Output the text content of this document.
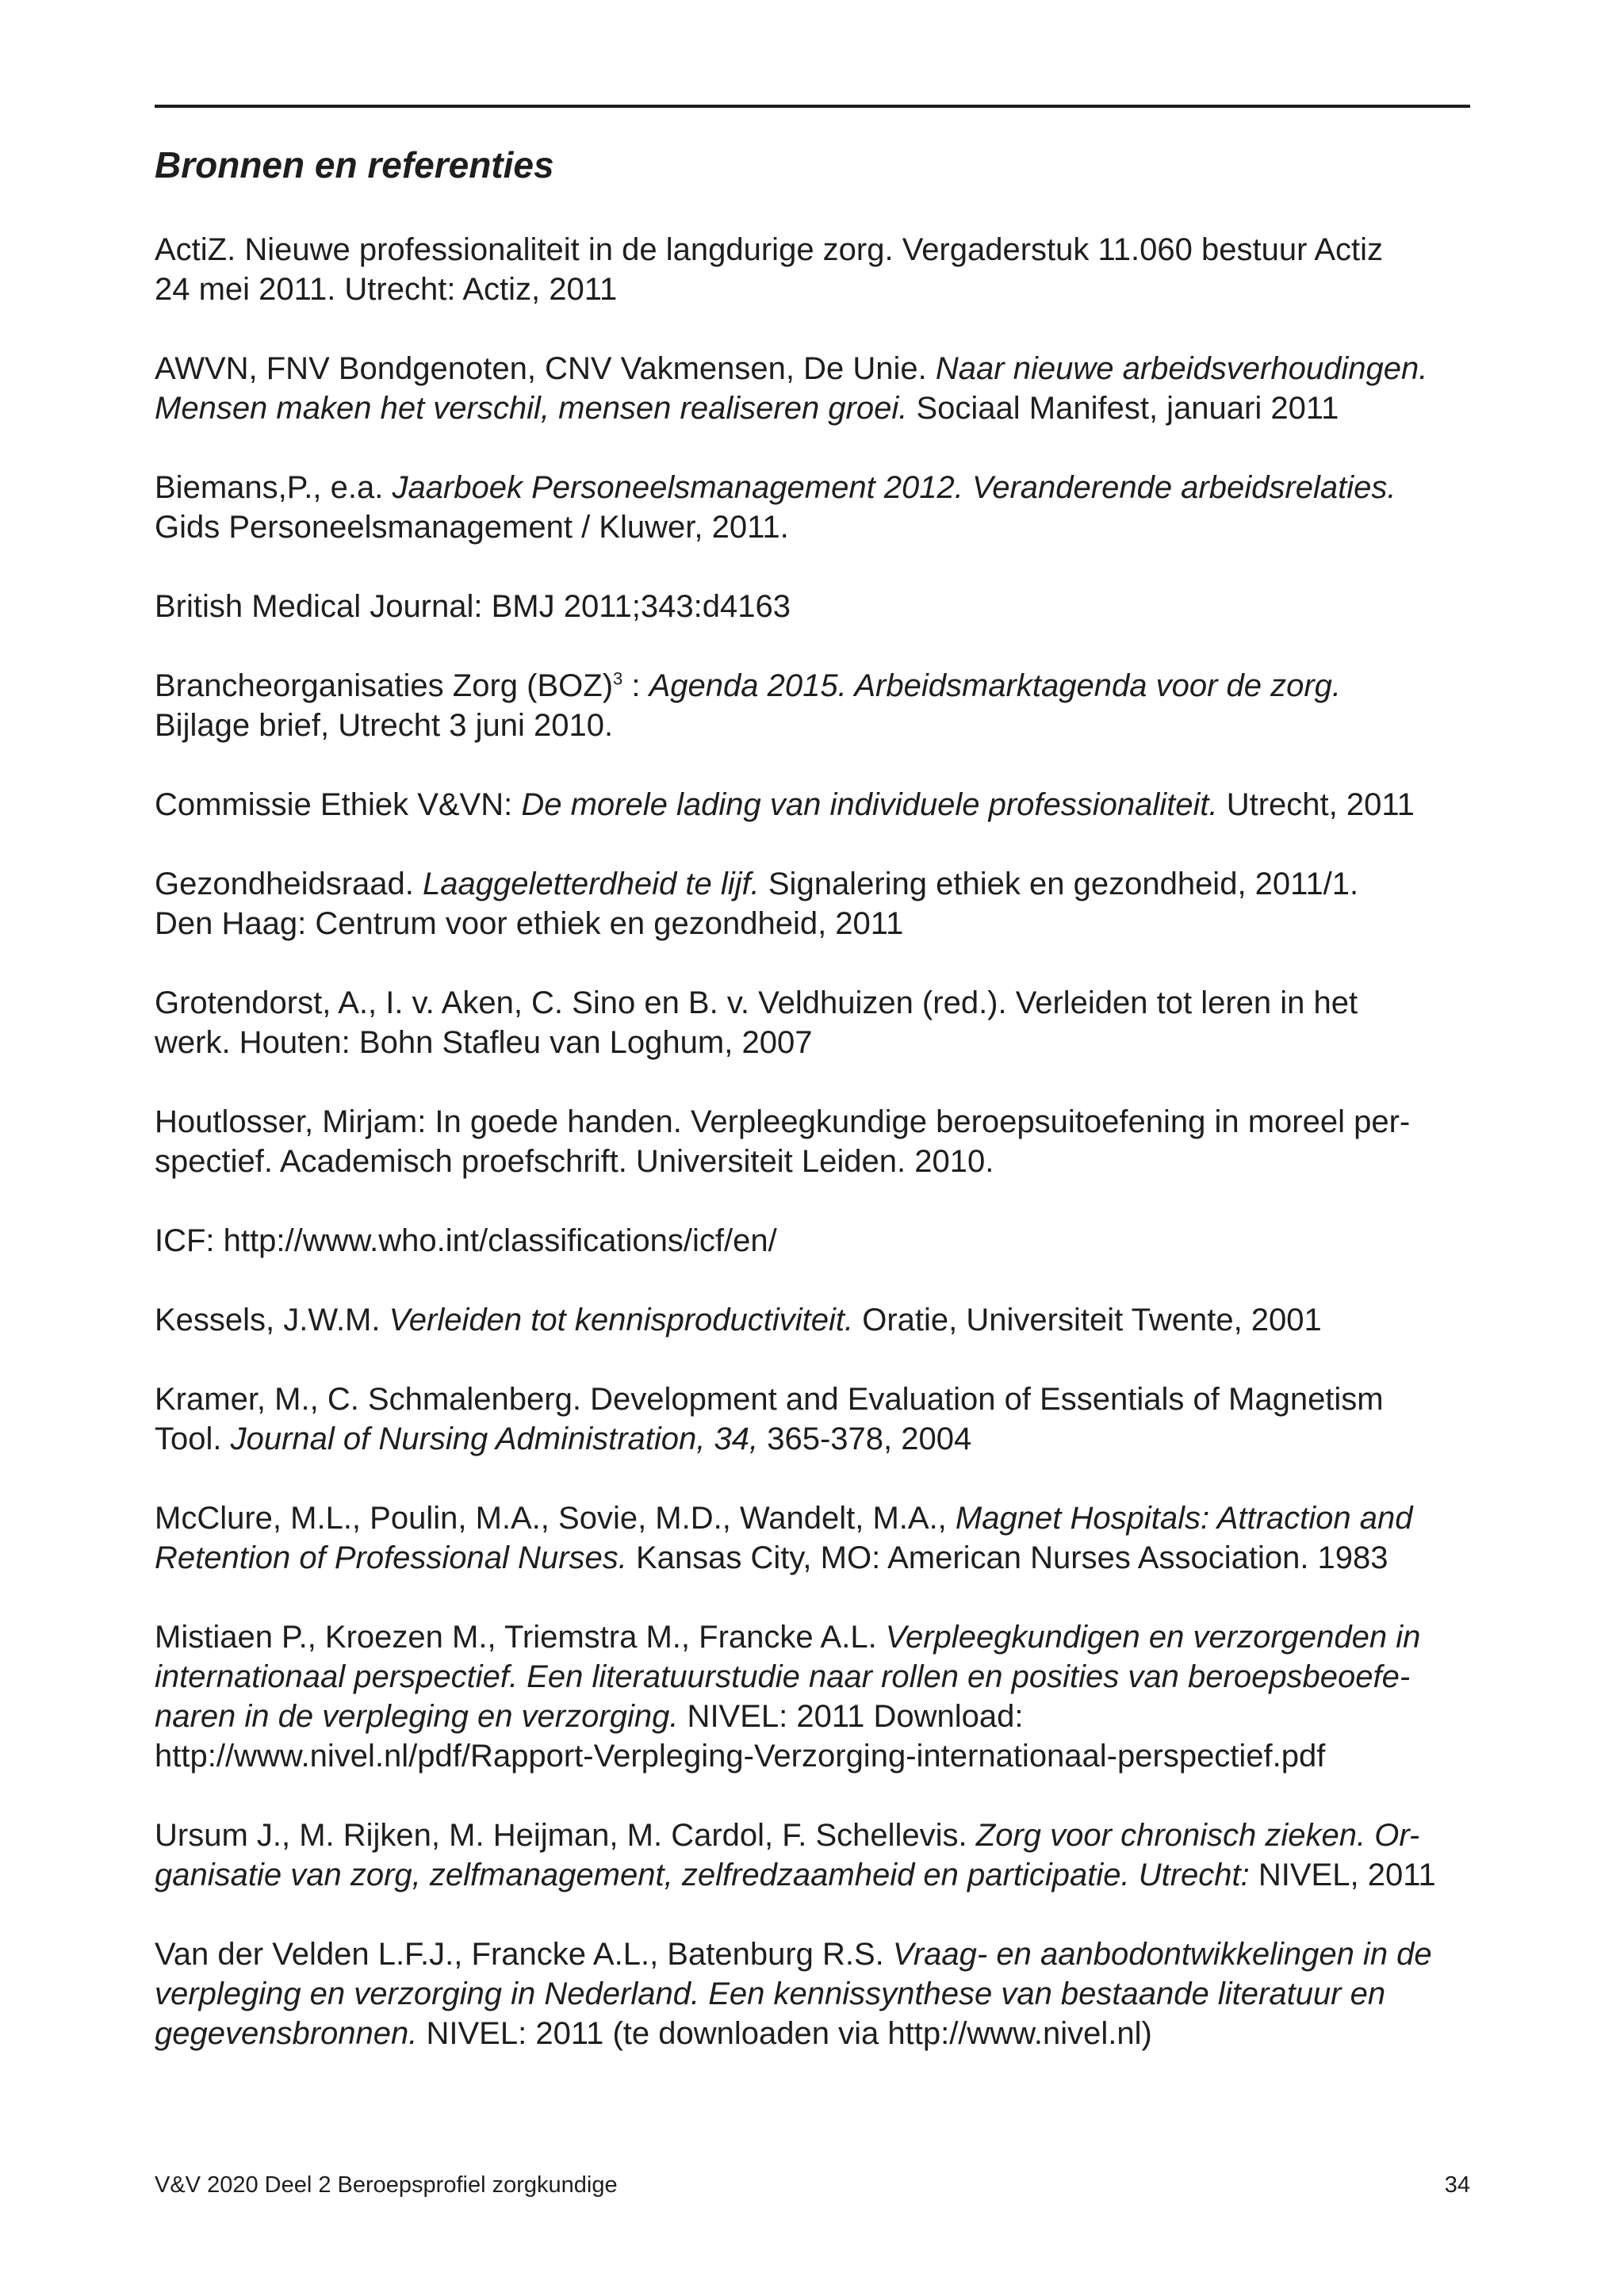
Bronnen en referenties
ActiZ. Nieuwe professionaliteit in de langdurige zorg. Vergaderstuk 11.060 bestuur Actiz
24 mei 2011. Utrecht: Actiz, 2011
AWVN, FNV Bondgenoten, CNV Vakmensen, De Unie. Naar nieuwe arbeidsverhoudingen.
Mensen maken het verschil, mensen realiseren groei. Sociaal Manifest, januari 2011
Biemans,P., e.a. Jaarboek Personeelsmanagement 2012. Veranderende arbeidsrelaties.
Gids Personeelsmanagement / Kluwer, 2011.
British Medical Journal: BMJ 2011;343:d4163
Brancheorganisaties Zorg (BOZ)$^3$ : Agenda 2015. Arbeidsmarktagenda voor de zorg.
Bijlage brief, Utrecht 3 juni 2010.
Commissie Ethiek V&VN: De morele lading van individuele professionaliteit. Utrecht, 2011
Gezondheidsraad. Laaggeletterdheid te lijf. Signalering ethiek en gezondheid, 2011/1.
Den Haag: Centrum voor ethiek en gezondheid, 2011
Grotendorst, A., I. v. Aken, C. Sino en B. v. Veldhuizen (red.). Verleiden tot leren in het
werk. Houten: Bohn Stafleu van Loghum, 2007
Houtlosser, Mirjam: In goede handen. Verpleegkundige beroepsuitoefening in moreel per-
spectief. Academisch proefschrift. Universiteit Leiden. 2010.
ICF: http://www.who.int/classifications/icf/en/
Kessels, J.W.M. Verleiden tot kennisproductiviteit. Oratie, Universiteit Twente, 2001
Kramer, M., C. Schmalenberg. Development and Evaluation of Essentials of Magnetism
Tool. Journal of Nursing Administration, 34, 365-378, 2004
McClure, M.L., Poulin, M.A., Sovie, M.D., Wandelt, M.A., Magnet Hospitals: Attraction and
Retention of Professional Nurses. Kansas City, MO: American Nurses Association. 1983
Mistiaen P., Kroezen M., Triemstra M., Francke A.L. Verpleegkundigen en verzorgenden in
internationaal perspectief. Een literatuurstudie naar rollen en posities van beroepsbeoefe-
naren in de verpleging en verzorging. NIVEL: 2011 Download:
http://www.nivel.nl/pdf/Rapport-Verpleging-Verzorging-internationaal-perspectief.pdf
Ursum J., M. Rijken, M. Heijman, M. Cardol, F. Schellevis. Zorg voor chronisch zieken. Or-
ganisatie van zorg, zelfmanagement, zelfredzaamheid en participatie. Utrecht: NIVEL, 2011
Van der Velden L.F.J., Francke A.L., Batenburg R.S. Vraag- en aanbodontwikkelingen in de
verpleging en verzorging in Nederland. Een kennissynthese van bestaande literatuur en
gegevensbronnen. NIVEL: 2011 (te downloaden via http://www.nivel.nl)
V&V 2020 Deel 2 Beroepsprofiel zorgkundige	34
